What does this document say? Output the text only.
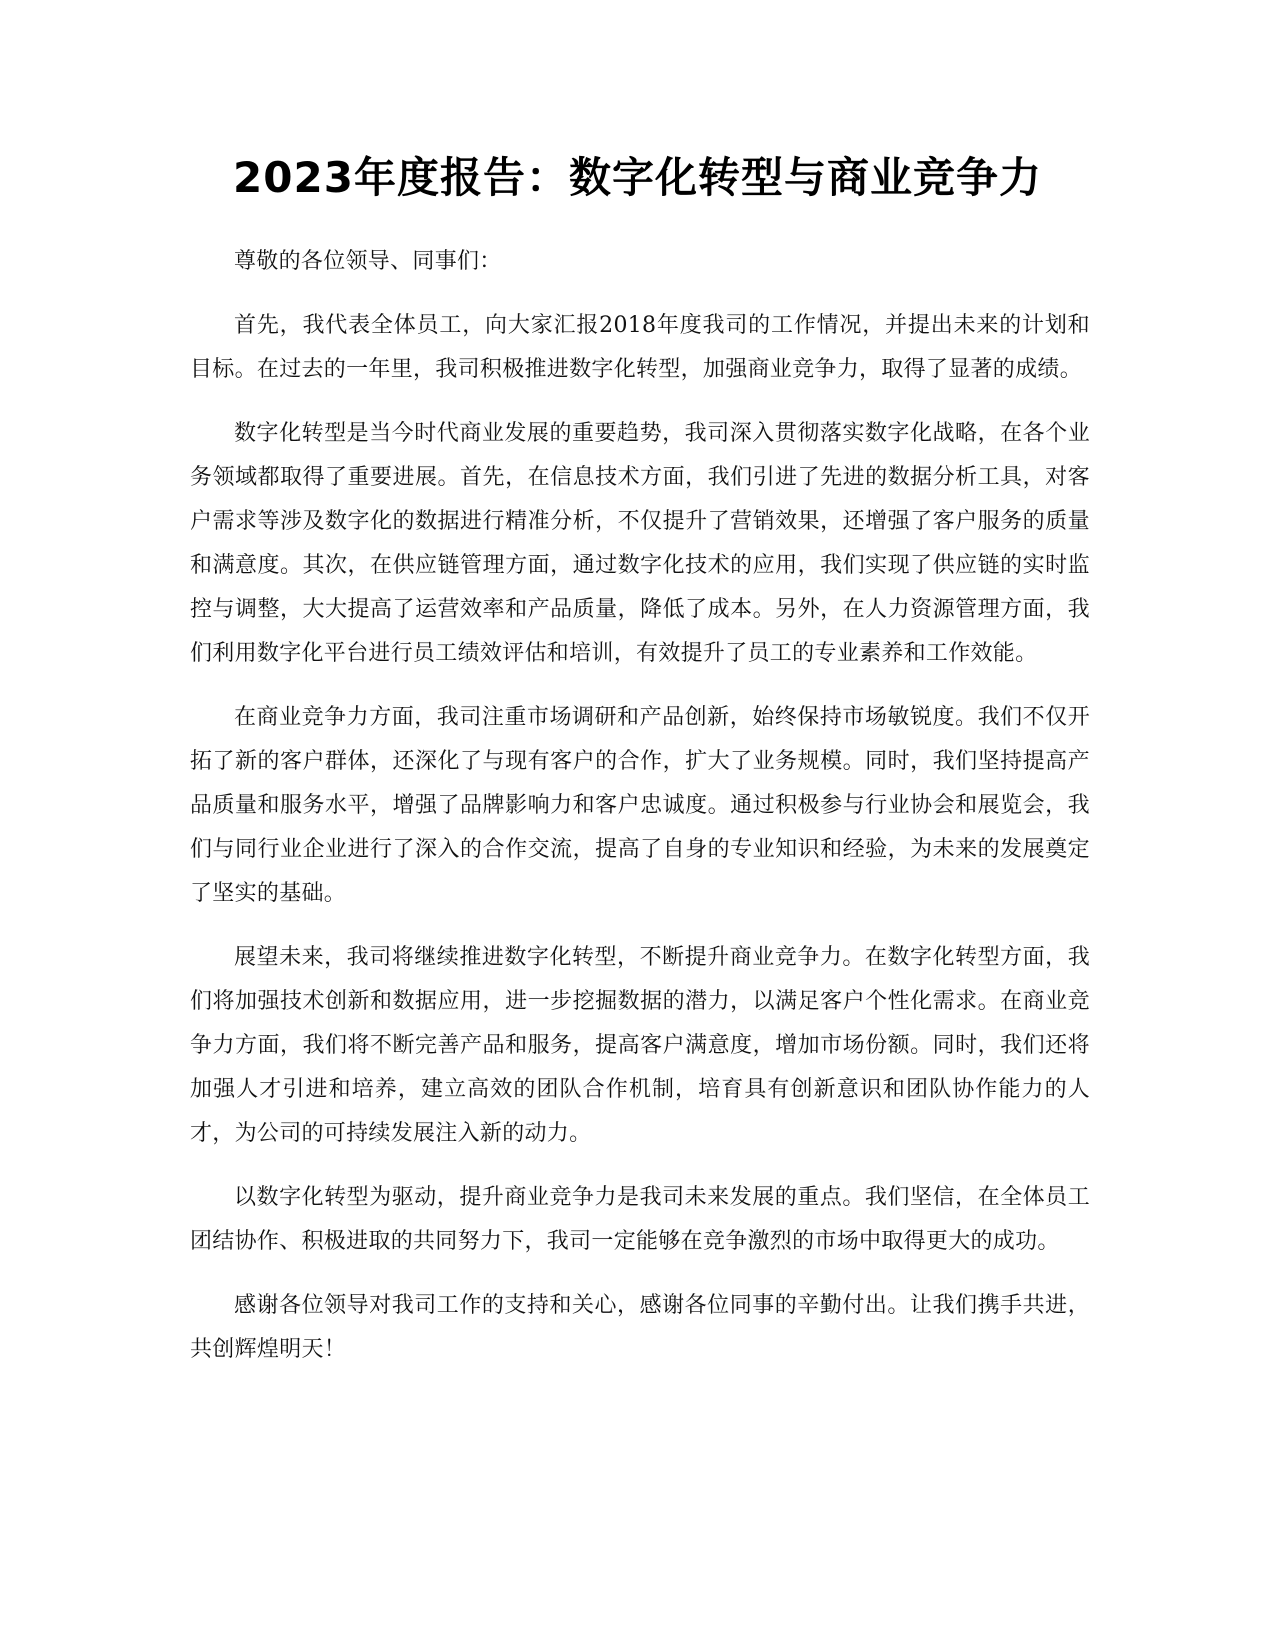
2023年度报告：数字化转型与商业竞争力

尊敬的各位领导、同事们：

首先，我代表全体员工，向大家汇报2018年度我司的工作情况，并提出未来的计划和目标。在过去的一年里，我司积极推进数字化转型，加强商业竞争力，取得了显著的成绩。

数字化转型是当今时代商业发展的重要趋势，我司深入贯彻落实数字化战略，在各个业务领域都取得了重要进展。首先，在信息技术方面，我们引进了先进的数据分析工具，对客户需求等涉及数字化的数据进行精准分析，不仅提升了营销效果，还增强了客户服务的质量和满意度。其次，在供应链管理方面，通过数字化技术的应用，我们实现了供应链的实时监控与调整，大大提高了运营效率和产品质量，降低了成本。另外，在人力资源管理方面，我们利用数字化平台进行员工绩效评估和培训，有效提升了员工的专业素养和工作效能。

在商业竞争力方面，我司注重市场调研和产品创新，始终保持市场敏锐度。我们不仅开拓了新的客户群体，还深化了与现有客户的合作，扩大了业务规模。同时，我们坚持提高产品质量和服务水平，增强了品牌影响力和客户忠诚度。通过积极参与行业协会和展览会，我们与同行业企业进行了深入的合作交流，提高了自身的专业知识和经验，为未来的发展奠定了坚实的基础。

展望未来，我司将继续推进数字化转型，不断提升商业竞争力。在数字化转型方面，我们将加强技术创新和数据应用，进一步挖掘数据的潜力，以满足客户个性化需求。在商业竞争力方面，我们将不断完善产品和服务，提高客户满意度，增加市场份额。同时，我们还将加强人才引进和培养，建立高效的团队合作机制，培育具有创新意识和团队协作能力的人才，为公司的可持续发展注入新的动力。

以数字化转型为驱动，提升商业竞争力是我司未来发展的重点。我们坚信，在全体员工团结协作、积极进取的共同努力下，我司一定能够在竞争激烈的市场中取得更大的成功。

感谢各位领导对我司工作的支持和关心，感谢各位同事的辛勤付出。让我们携手共进，共创辉煌明天！
